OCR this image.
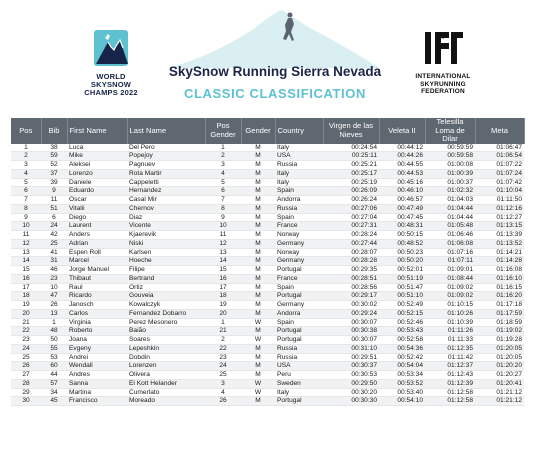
WORLD
SKYSNOW
CHAMPS 2022
INTERNATIONAL
SKYRUNNING
FEDERATION
SkySnow Running Sierra Nevada
CLASSIC CLASSIFICATION
Pos	Bib	First Name	Last Name	Pos Gender	Gender	Country	Virgen de las Nieves	Veleta II	Telesilla Loma de Dilar	Meta
1	38	Luca	Del Pero	1	M	Italy	00:24:54	00:44:12	00:59:59	01:06:47
2	59	Mike	Popejoy	2	M	USA	00:25:11	00:44:26	00:59:58	01:06:54
3	52	Aleksei	Pagnuev	3	M	Russia	00:25:21	00:44:55	01:00:08	01:07:22
4	37	Lorenzo	Rota Martir	4	M	Italy	00:25:17	00:44:53	01:00:39	01:07:24
5	39	Daniele	Cappeletti	5	M	Italy	00:25:19	00:45:16	01:00:37	01:07:42
6	9	Eduardo	Hernandez	6	M	Spain	00:26:09	00:46:10	01:02:32	01:10:04
7	11	Oscar	Casal Mir	7	M	Andorra	00:26:24	00:46:57	01:04:03	01:11:50
8	51	Vitalii	Chernov	8	M	Russia	00:27:06	00:47:49	01:04:44	01:12:16
9	6	Diego	Diaz	9	M	Spain	00:27:04	00:47:45	01:04:44	01:12:27
10	24	Laurent	Vicente	10	M	France	00:27:31	00:48:31	01:05:48	01:13:15
11	42	Anders	Kjaerevik	11	M	Norway	00:28:24	00:50:15	01:06:46	01:13:39
12	25	Adrian	Niski	12	M	Germany	00:27:44	00:48:52	01:06:08	01:13:52
13	41	Espen Roll	Karlsen	13	M	Norway	00:28:07	00:50:23	01:07:16	01:14:21
14	31	Marcel	Hoeche	14	M	Germany	00:28:28	00:50:20	01:07:11	01:14:28
15	46	Jorge Manuel	Filipe	15	M	Portugal	00:29:35	00:52:01	01:09:01	01:16:08
16	23	Thibaut	Bertrand	16	M	France	00:28:51	00:51:19	01:08:44	01:16:10
17	10	Raul	Ortiz	17	M	Spain	00:28:56	00:51:47	01:09:02	01:16:15
18	47	Ricardo	Gouveia	18	M	Portugal	00:29:17	00:51:10	01:09:02	01:16:20
19	26	Janosch	Kowalczyk	19	M	Germany	00:30:02	00:52:49	01:10:15	01:17:18
20	13	Carlos	Fernandez Dobarro	20	M	Andorra	00:29:24	00:52:15	01:10:26	01:17:59
21	1	Virginia	Perez Mesonero	1	W	Spain	00:30:07	00:52:46	01:10:39	01:18:59
22	48	Roberto	Baião	21	M	Portugal	00:30:38	00:53:43	01:11:26	01:19:02
23	50	Joana	Soares	2	W	Portugal	00:30:07	00:52:58	01:11:33	01:19:28
24	55	Evgeny	Lepeshkin	22	M	Russia	00:31:10	00:54:36	01:12:35	01:20:05
25	53	Andrei	Dobdin	23	M	Russia	00:29:51	00:52:42	01:11:42	01:20:05
26	60	Wendall	Lorenzen	24	M	USA	00:30:37	00:54:04	01:12:37	01:20:20
27	44	Andres	Olivera	25	M	Peru	00:30:53	00:53:34	01:12:43	01:20:27
28	57	Sanna	El Kott Helander	3	W	Sweden	00:29:50	00:53:52	01:12:39	01:20:41
29	34	Martina	Cumerlato	4	W	Italy	00:30:20	00:53:40	01:12:58	01:21:12
30	45	Francisco	Moreado	26	M	Portugal	00:30:30	00:54:10	01:12:58	01:21:12
